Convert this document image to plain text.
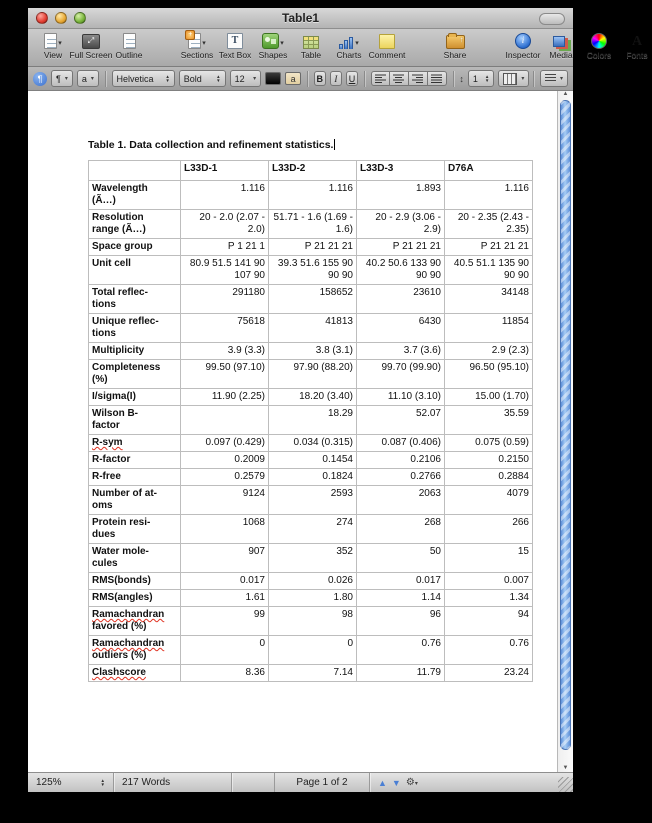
Table1
▾
View
⤢
Full Screen Outline
+
▾
Sections
T
Text Box
▾
Shapes Table
▾
Charts Comment
↑	Share
i
Inspector Media Colors
A
Fonts
¶	¶ ▾ a ▾	Helvetica	▲
▼ Bold	▲
▼ 12	▾	a	B	I	U	↕ 1 ▲
▼	▾	▾
Table 1. Data collection and refinement statistics.
	L33D-1	L33D-2	L33D-3	D76A
Wavelength
(Ã…)	1.116	1.116	1.893	1.116
Resolution
range (Ã…)	20 - 2.0 (2.07 - 2.0)	51.71 - 1.6 (1.69 - 1.6)	20 - 2.9 (3.06 - 2.9)	20 - 2.35 (2.43 - 2.35)
Space group	P 1 21 1	P 21 21 21	P 21 21 21	P 21 21 21
Unit cell	80.9 51.5 141 90 107 90	39.3 51.6 155 90 90 90	40.2 50.6 133 90 90 90	40.5 51.1 135 90 90 90
Total reflec-
tions	291180	158652	23610	34148
Unique reflec-
tions	75618	41813	6430	11854
Multiplicity	3.9 (3.3)	3.8 (3.1)	3.7 (3.6)	2.9 (2.3)
Completeness
(%)	99.50 (97.10)	97.90 (88.20)	99.70 (99.90)	96.50 (95.10)
I/sigma(I)	11.90 (2.25)	18.20 (3.40)	11.10 (3.10)	15.00 (1.70)
Wilson B-
factor		18.29	52.07	35.59
R-sym	0.097 (0.429)	0.034 (0.315)	0.087 (0.406)	0.075 (0.59)
R-factor	0.2009	0.1454	0.2106	0.2150
R-free	0.2579	0.1824	0.2766	0.2884
Number of at-
oms	9124	2593	2063	4079
Protein resi-
dues	1068	274	268	266
Water mole-
cules	907	352	50	15
RMS(bonds)	0.017	0.026	0.017	0.007
RMS(angles)	1.61	1.80	1.14	1.34
Ramachandran
favored (%)	99	98	96	94
Ramachandran
outliers (%)	0	0	0.76	0.76
Clashscore	8.36	7.14	11.79	23.24
▲
▼
125%	▲
▼ 217 Words	Page 1 of 2	▲ ▼ ⚙▾
